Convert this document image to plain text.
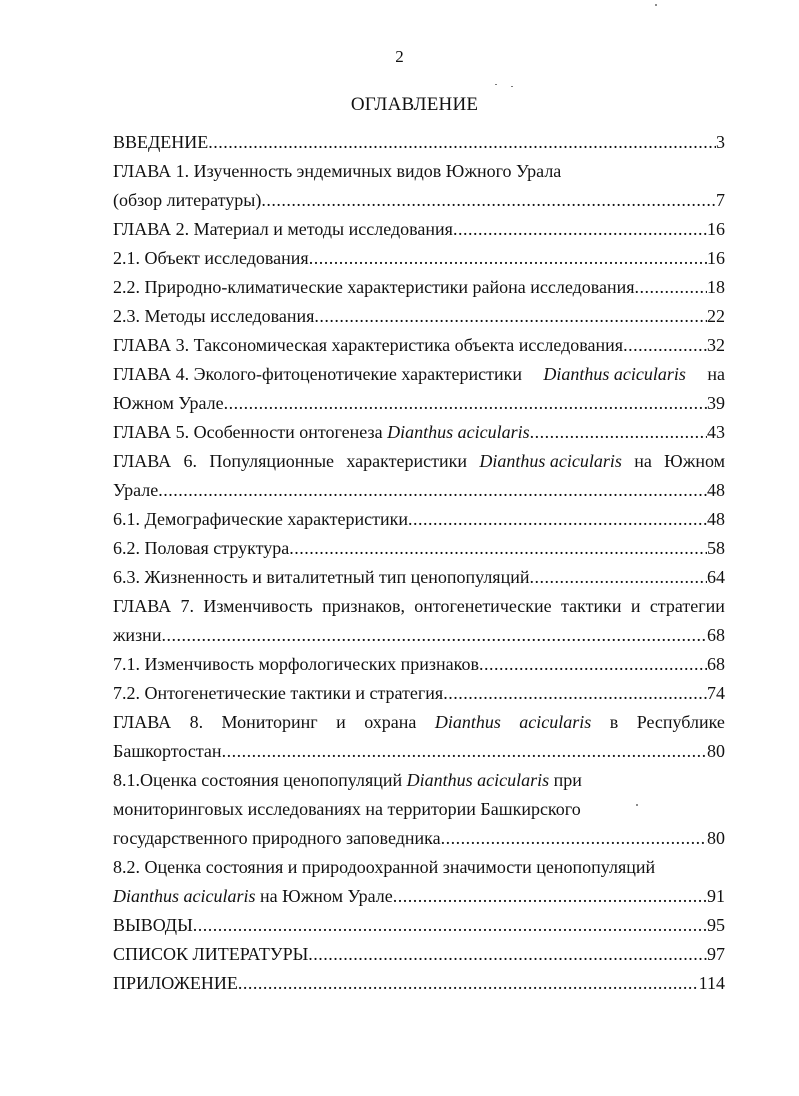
2
ОГЛАВЛЕНИЕ
ВВЕДЕНИЕ .....	3
ГЛАВА 1. Изученность эндемичных видов Южного Урала
(обзор литературы) .....	7
ГЛАВА 2. Материал и методы исследования .....	16
2.1. Объект исследования .....	16
2.2. Природно-климатические характеристики района исследования .....	18
2.3. Методы исследования .....	22
ГЛАВА 3. Таксономическая характеристика объекта исследования .....	32
ГЛАВА 4. Эколого-фитоценотичекие характеристики Dianthus acicularis на
Южном Урале .....	39
ГЛАВА 5. Особенности онтогенеза Dianthus acicularis .....	43
ГЛАВА 6. Популяционные характеристики Dianthus acicularis на Южном
Урале .....	48
6.1. Демографические характеристики .....	48
6.2. Половая структура .....	58
6.3. Жизненность и виталитетный тип ценопопуляций .....	64
ГЛАВА 7. Изменчивость признаков, онтогенетические тактики и стратегии
жизни .....	68
7.1. Изменчивость морфологических признаков .....	68
7.2. Онтогенетические тактики и стратегия .....	74
ГЛАВА 8. Мониторинг и охрана Dianthus acicularis в Республике
Башкортостан .....	80
8.1.Оценка состояния ценопопуляций Dianthus acicularis при
мониторинговых исследованиях на территории Башкирского
государственного природного заповедника .....	80
8.2. Оценка состояния и природоохранной значимости ценопопуляций
Dianthus acicularis на Южном Урале .....	91
ВЫВОДЫ .....	95
СПИСОК ЛИТЕРАТУРЫ .....	97
ПРИЛОЖЕНИЕ .....	114
